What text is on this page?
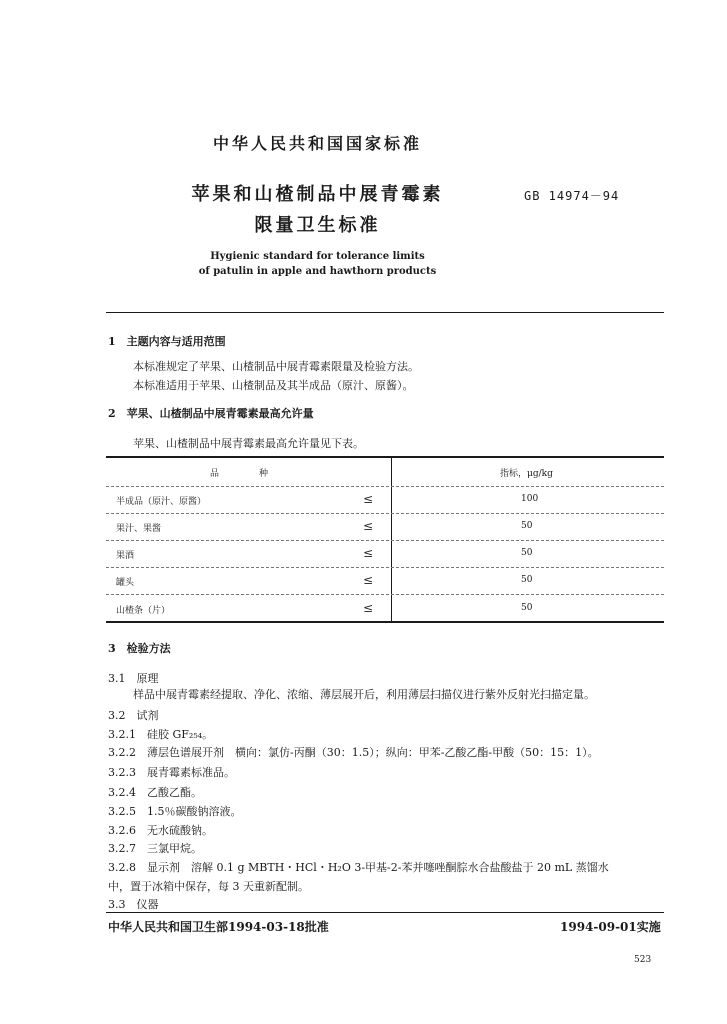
中华人民共和国国家标准
苹果和山楂制品中展青霉素
限量卫生标准
GB 14974－94
Hygienic standard for tolerance limits
of patulin in apple and hawthorn products
1　主题内容与适用范围
本标准规定了苹果、山楂制品中展青霉素限量及检验方法。
本标准适用于苹果、山楂制品及其半成品（原汁、原酱）。
2　苹果、山楂制品中展青霉素最高允许量
苹果、山楂制品中展青霉素最高允许量见下表。
品种	指标，μg/kg
半成品（原汁、原酱）	≤	100
果汁、果酱	≤	50
果酒	≤	50
罐头	≤	50
山楂条（片）	≤	50
3　检验方法
3.1　原理
样品中展青霉素经提取、净化、浓缩、薄层展开后，利用薄层扫描仪进行紫外反射光扫描定量。
3.2　试剂
3.2.1　硅胶 GF₂₅₄。
3.2.2　薄层色谱展开剂　横向：氯仿-丙酮（30：1.5）；纵向：甲苯-乙酸乙酯-甲酸（50：15：1）。
3.2.3　展青霉素标准品。
3.2.4　乙酸乙酯。
3.2.5　1.5％碳酸钠溶液。
3.2.6　无水硫酸钠。
3.2.7　三氯甲烷。
3.2.8　显示剂　溶解 0.1 g MBTH・HCl・H₂O 3-甲基-2-苯并噻唑酮腙水合盐酸盐于 20 mL 蒸馏水
中，置于冰箱中保存，每 3 天重新配制。
3.3　仪器
中华人民共和国卫生部1994-03-18批准	1994-09-01实施
523
